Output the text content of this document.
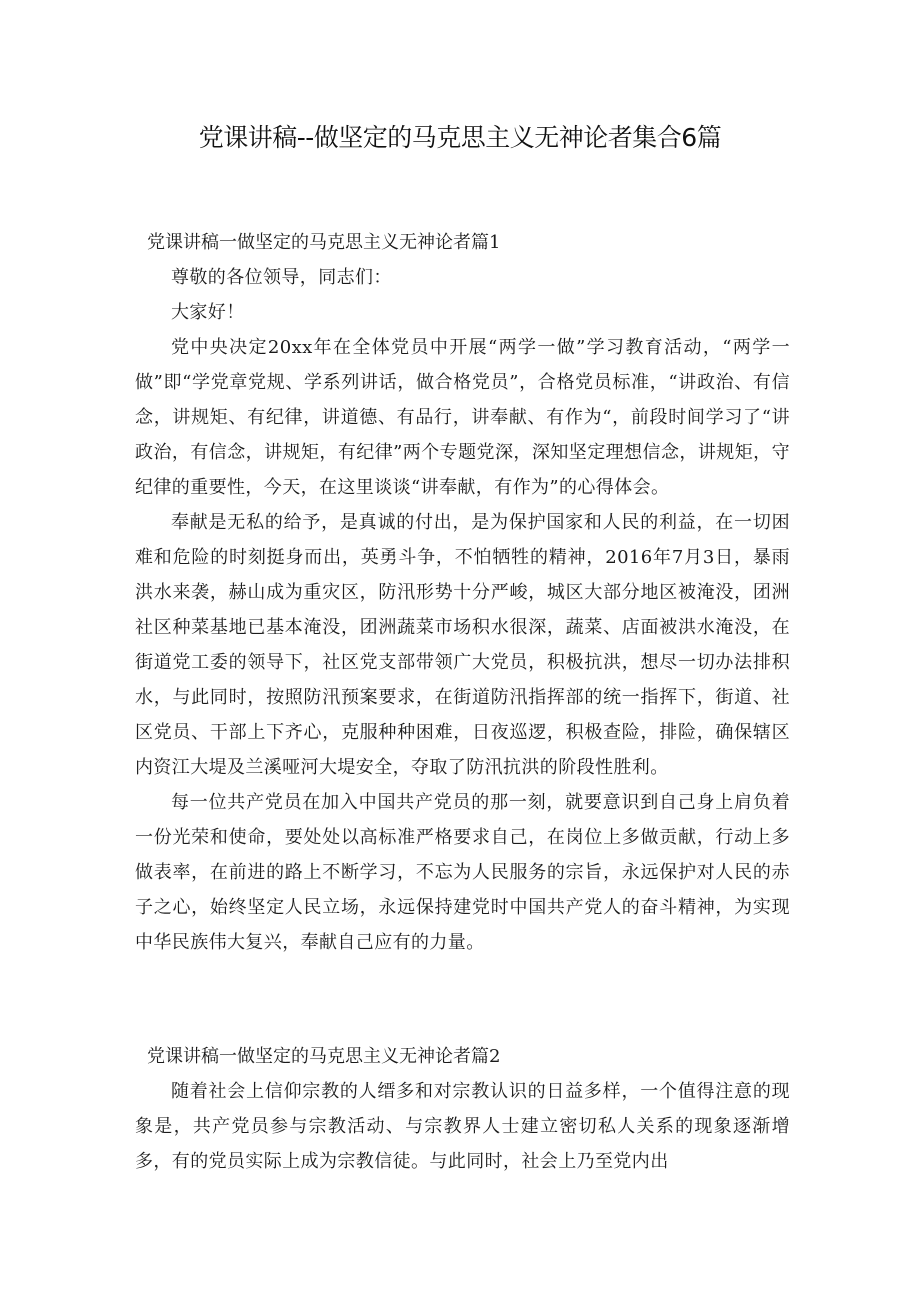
党课讲稿--做坚定的马克思主义无神论者集合6篇
党课讲稿一做坚定的马克思主义无神论者篇1

尊敬的各位领导，同志们：

大家好！

党中央决定20xx年在全体党员中开展“两学一做”学习教育活动，“两学一做”即“学党章党规、学系列讲话，做合格党员”，合格党员标准，“讲政治、有信念，讲规矩、有纪律，讲道德、有品行，讲奉献、有作为“，前段时间学习了“讲政治，有信念，讲规矩，有纪律”两个专题党深，深知坚定理想信念，讲规矩，守纪律的重要性，今天，在这里谈谈“讲奉献，有作为”的心得体会。

奉献是无私的给予，是真诚的付出，是为保护国家和人民的利益，在一切困难和危险的时刻挺身而出，英勇斗争，不怕牺牲的精神，2016年7月3日，暴雨洪水来袭，赫山成为重灾区，防汛形势十分严峻，城区大部分地区被淹没，团洲社区种菜基地已基本淹没，团洲蔬菜市场积水很深，蔬菜、店面被洪水淹没，在街道党工委的领导下，社区党支部带领广大党员，积极抗洪，想尽一切办法排积水，与此同时，按照防汛预案要求，在街道防汛指挥部的统一指挥下，街道、社区党员、干部上下齐心，克服种种困难，日夜巡逻，积极查险，排险，确保辖区内资江大堤及兰溪哑河大堤安全，夺取了防汛抗洪的阶段性胜利。

每一位共产党员在加入中国共产党员的那一刻，就要意识到自己身上肩负着一份光荣和使命，要处处以高标准严格要求自己，在岗位上多做贡献，行动上多做表率，在前进的路上不断学习，不忘为人民服务的宗旨，永远保护对人民的赤子之心，始终坚定人民立场，永远保持建党时中国共产党人的奋斗精神，为实现中华民族伟大复兴，奉献自己应有的力量。

党课讲稿一做坚定的马克思主义无神论者篇2

随着社会上信仰宗教的人缙多和对宗教认识的日益多样，一个值得注意的现象是，共产党员参与宗教活动、与宗教界人士建立密切私人关系的现象逐渐增多，有的党员实际上成为宗教信徒。与此同时，社会上乃至党内出
